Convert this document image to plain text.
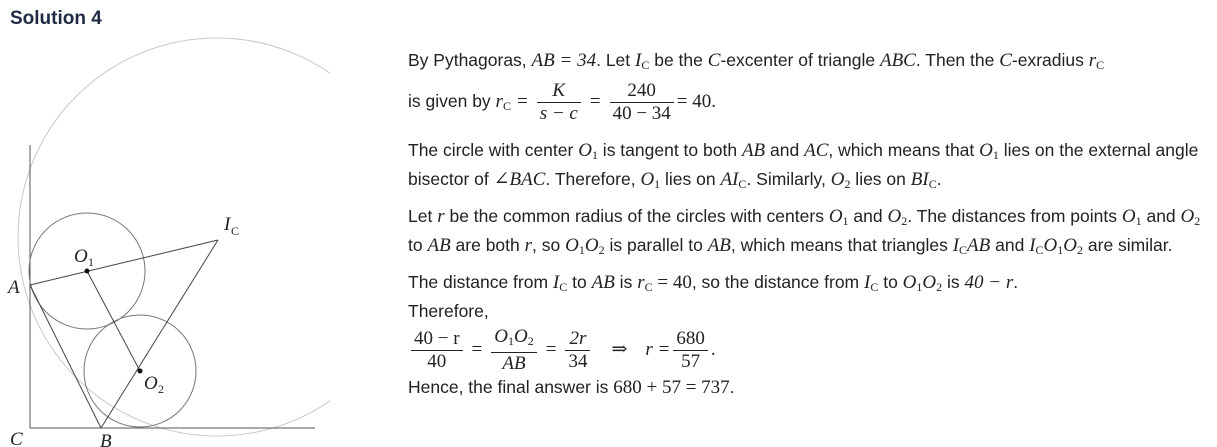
Solution 4
A
C	B
I C
O 1
O 2

By Pythagoras, AB = 34. Let $I_C$ be the C-excenter of triangle ABC. Then the C-exradius $r_C$

is given by $r_C = \frac{K}{s - c} = \frac{240}{40 - 34} = 40$.

The circle with center $O_1$ is tangent to both AB and AC, which means that $O_1$ lies on the external angle bisector of ∠BAC. Therefore, $O_1$ lies on $AI_C$. Similarly, $O_2$ lies on $BI_C$.

Let r be the common radius of the circles with centers $O_1$ and $O_2$. The distances from points $O_1$ and $O_2$ to AB are both r, so $O_1O_2$ is parallel to AB, which means that triangles $I_CAB$ and $I_CO_1O_2$ are similar.

The distance from $I_C$ to AB is $r_C = 40$, so the distance from $I_C$ to $O_1O_2$ is 40 − r.
Therefore,

$\frac{40 - r}{40} = \frac{O_1O_2}{AB} = \frac{2r}{34}$ ⇒ $r = \frac{680}{57}$ .

Hence, the final answer is 680 + 57 = 737.
